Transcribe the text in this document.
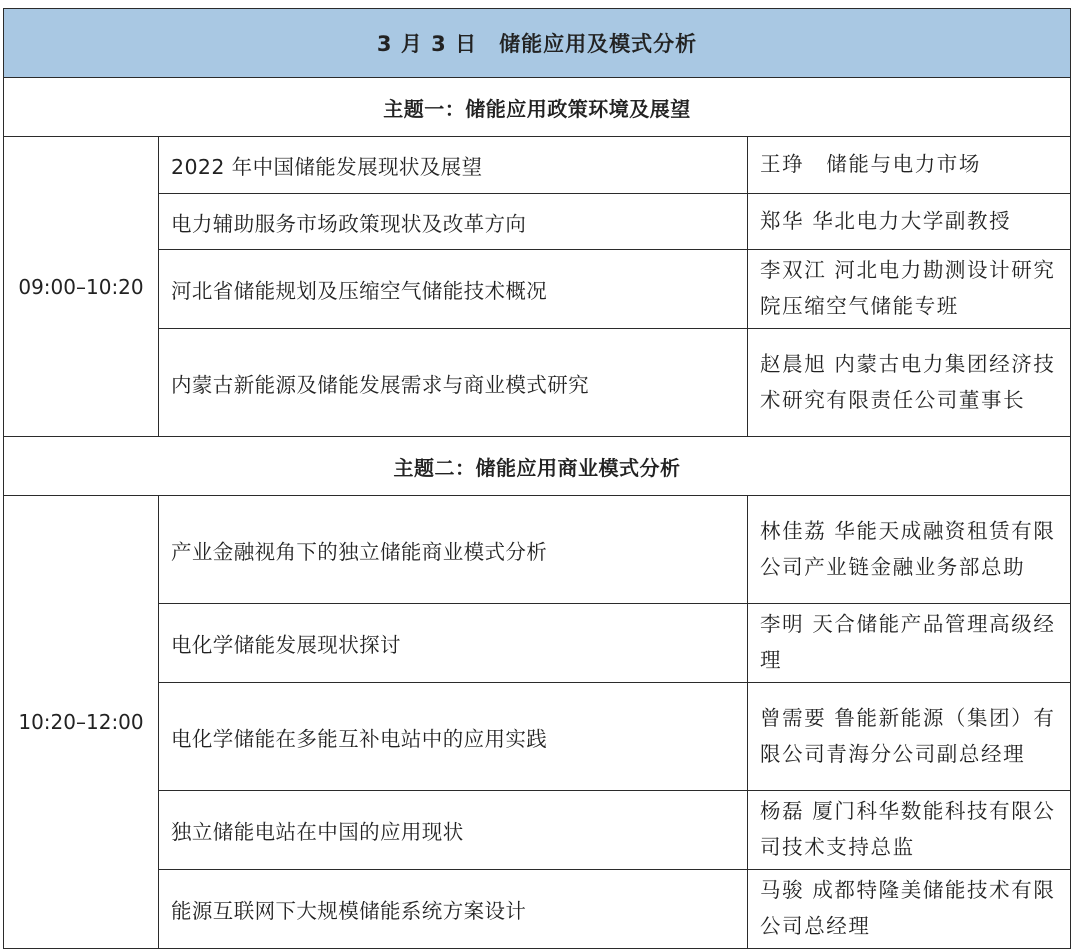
3 月 3 日　储能应用及模式分析		
主题一：储能应用政策环境及展望		
09:00–10:20	2022 年中国储能发展现状及展望	王琤　储能与电力市场
	电力辅助服务市场政策现状及改革方向	郑华 华北电力大学副教授
	河北省储能规划及压缩空气储能技术概况	李双江 河北电力勘测设计研究院压缩空气储能专班
	内蒙古新能源及储能发展需求与商业模式研究	赵晨旭 内蒙古电力集团经济技术研究有限责任公司董事长
主题二：储能应用商业模式分析		
10:20–12:00	产业金融视角下的独立储能商业模式分析	林佳荔 华能天成融资租赁有限公司产业链金融业务部总助
	电化学储能发展现状探讨	李明 天合储能产品管理高级经理
	电化学储能在多能互补电站中的应用实践	曾需要 鲁能新能源（集团）有限公司青海分公司副总经理
	独立储能电站在中国的应用现状	杨磊 厦门科华数能科技有限公司技术支持总监
	能源互联网下大规模储能系统方案设计	马骏 成都特隆美储能技术有限公司总经理
